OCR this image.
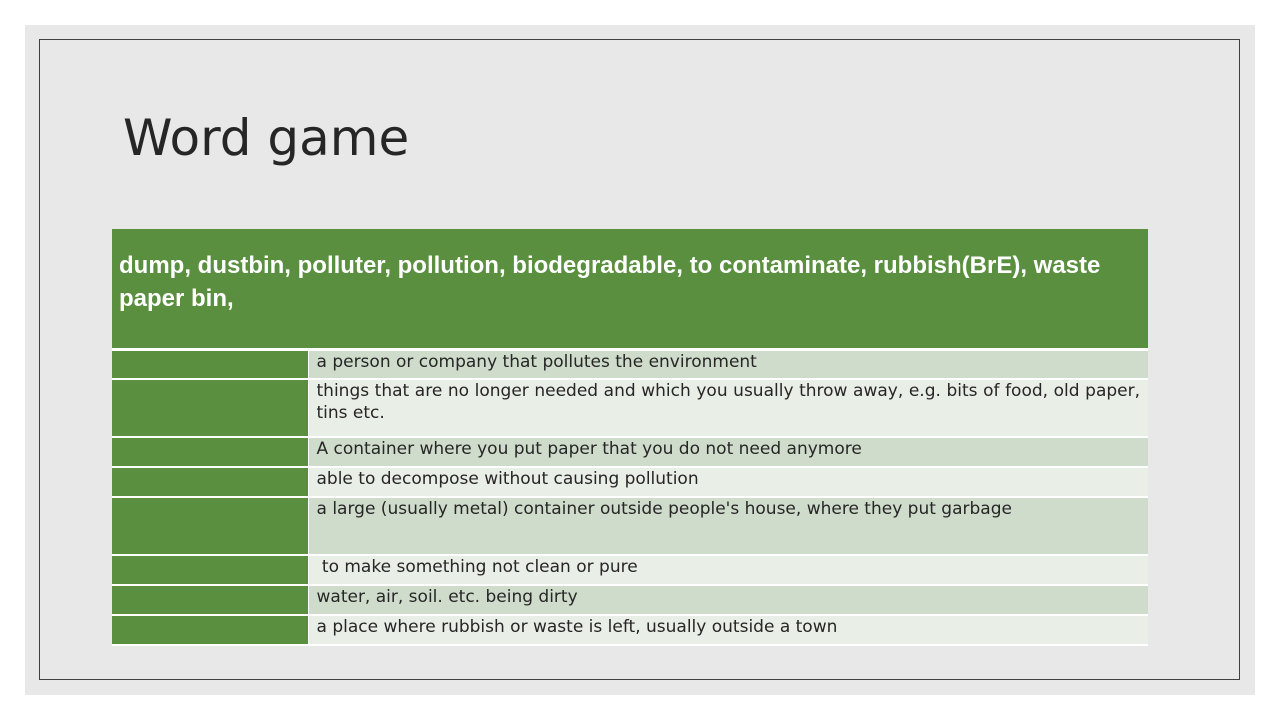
Word game
dump, dustbin, polluter, pollution, biodegradable, to contaminate, rubbish(BrE), waste paper bin,	
	a person or company that pollutes the environment
	things that are no longer needed and which you usually throw away, e.g. bits of food, old paper, tins etc.
	A container where you put paper that you do not need anymore
	able to decompose without causing pollution
	a large (usually metal) container outside people's house, where they put garbage
	to make something not clean or pure
	water, air, soil. etc. being dirty
	a place where rubbish or waste is left, usually outside a town
